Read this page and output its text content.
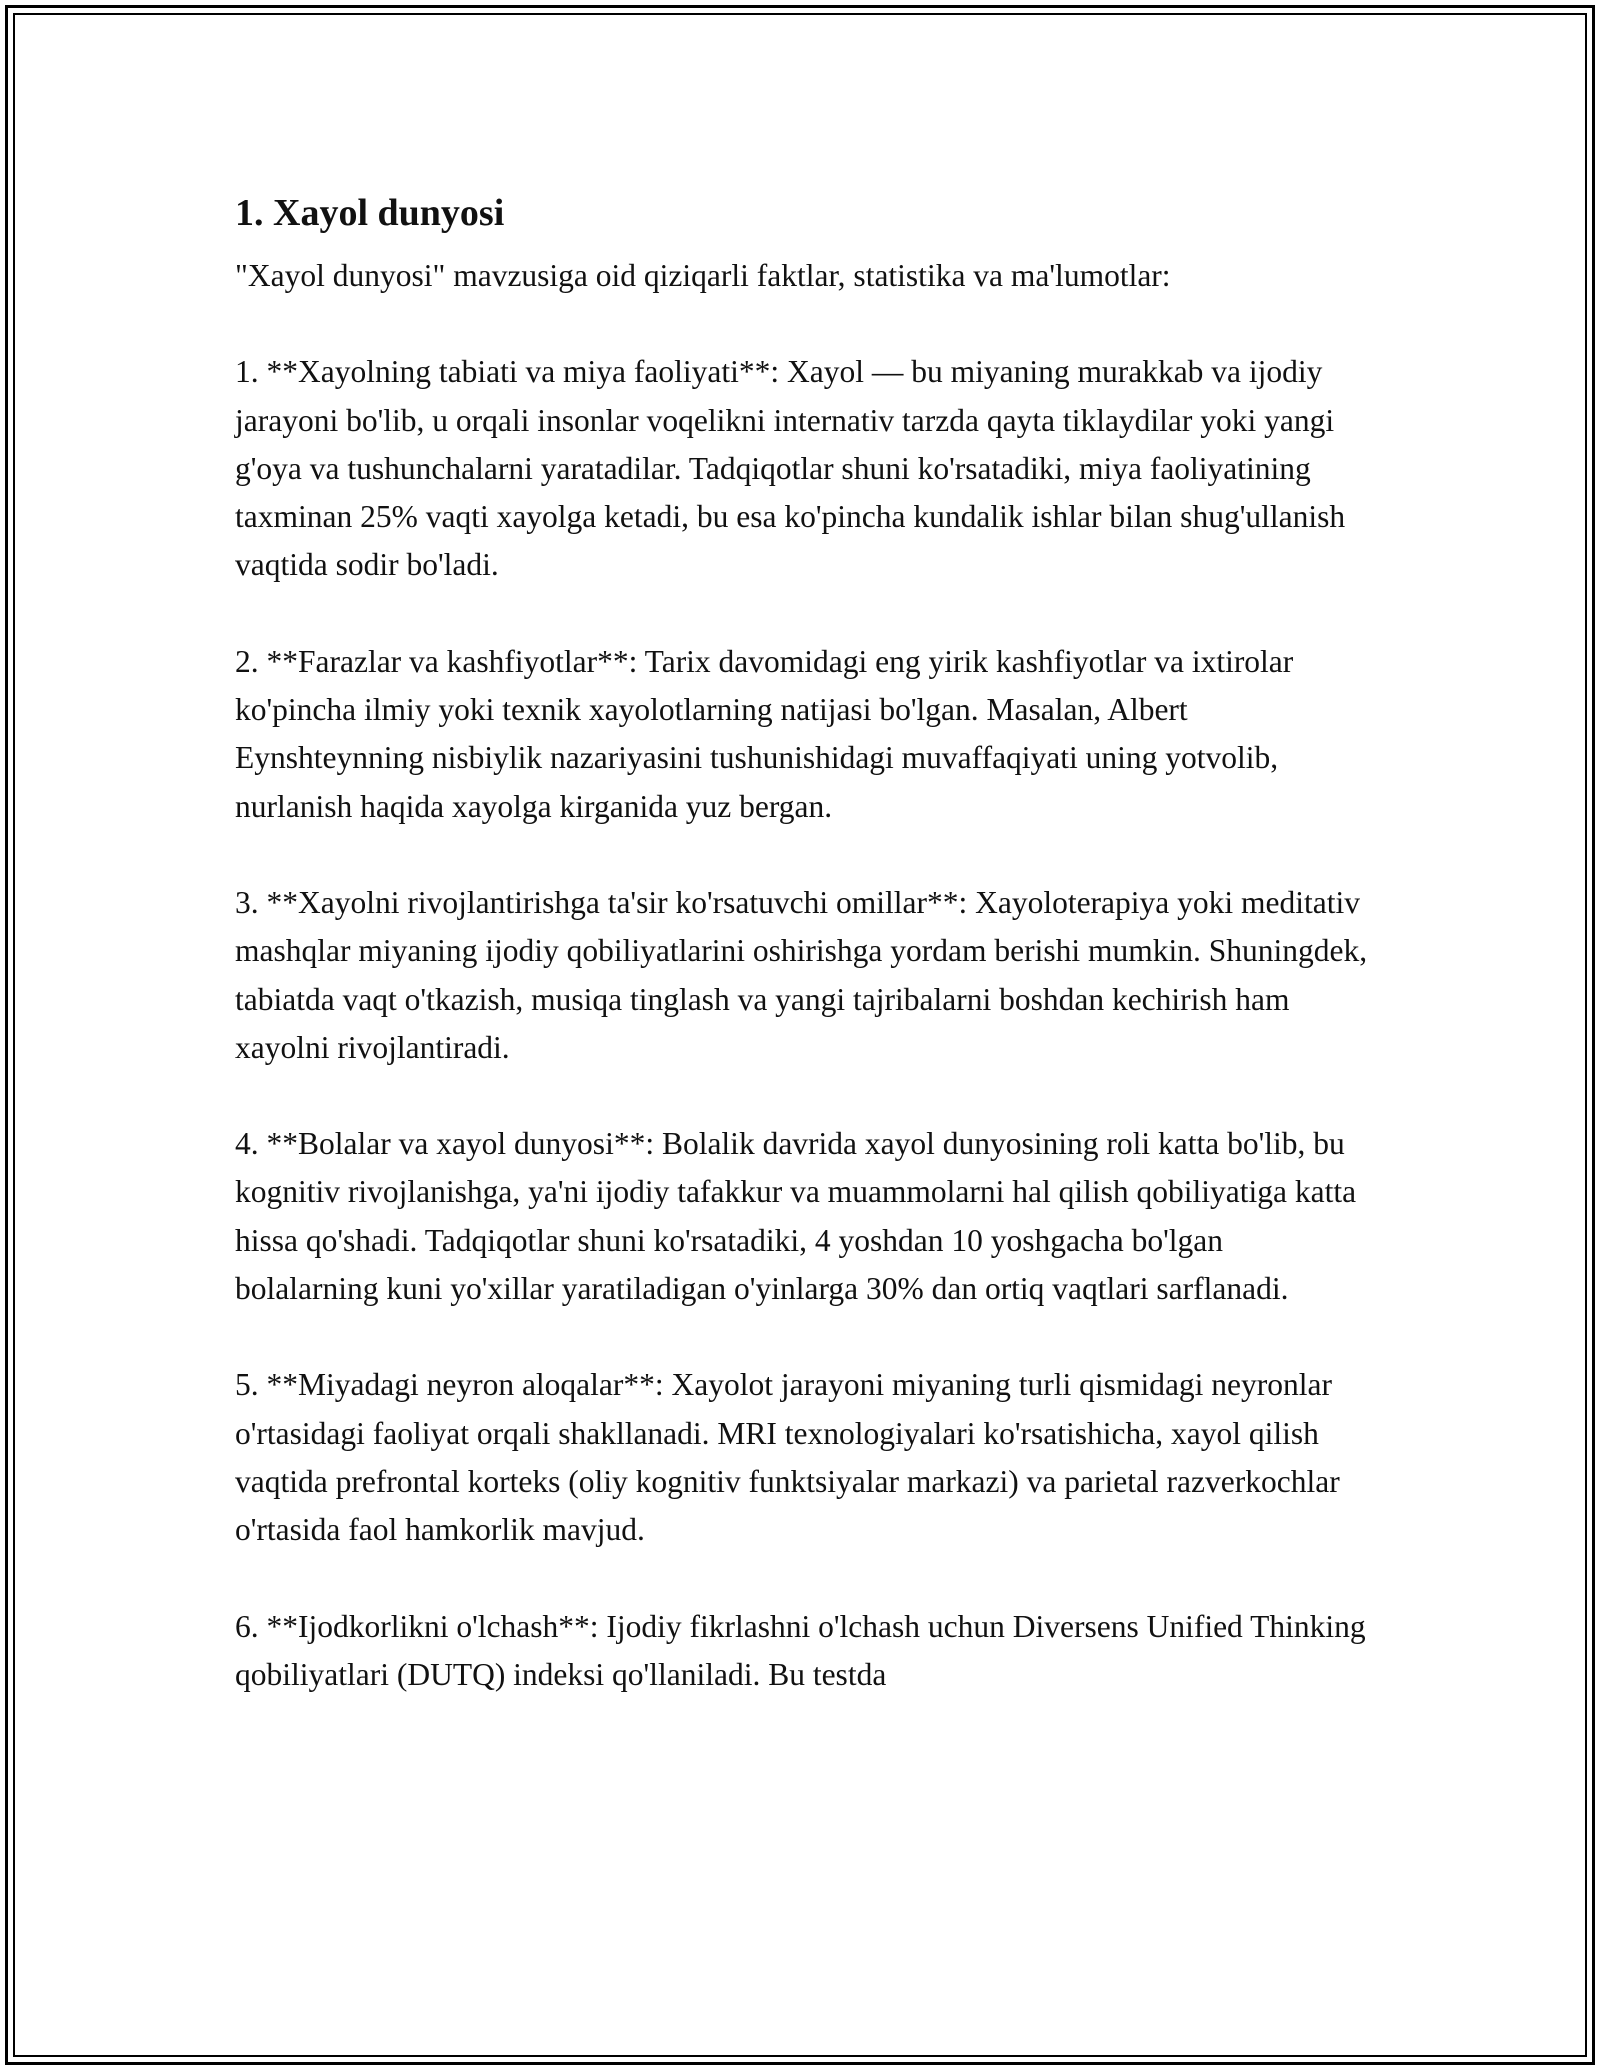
1. Xayol dunyosi

"Xayol dunyosi" mavzusiga oid qiziqarli faktlar, statistika va ma'lumotlar:

1. **Xayolning tabiati va miya faoliyati**: Xayol — bu miyaning murakkab va ijodiy jarayoni bo'lib, u orqali insonlar voqelikni internativ tarzda qayta tiklaydilar yoki yangi g'oya va tushunchalarni yaratadilar. Tadqiqotlar shuni ko'rsatadiki, miya faoliyatining taxminan 25% vaqti xayolga ketadi, bu esa ko'pincha kundalik ishlar bilan shug'ullanish vaqtida sodir bo'ladi.

2. **Farazlar va kashfiyotlar**: Tarix davomidagi eng yirik kashfiyotlar va ixtirolar ko'pincha ilmiy yoki texnik xayolotlarning natijasi bo'lgan. Masalan, Albert Eynshteynning nisbiylik nazariyasini tushunishidagi muvaffaqiyati uning yotvolib, nurlanish haqida xayolga kirganida yuz bergan.

3. **Xayolni rivojlantirishga ta'sir ko'rsatuvchi omillar**: Xayoloterapiya yoki meditativ mashqlar miyaning ijodiy qobiliyatlarini oshirishga yordam berishi mumkin. Shuningdek, tabiatda vaqt o'tkazish, musiqa tinglash va yangi tajribalarni boshdan kechirish ham xayolni rivojlantiradi.

4. **Bolalar va xayol dunyosi**: Bolalik davrida xayol dunyosining roli katta bo'lib, bu kognitiv rivojlanishga, ya'ni ijodiy tafakkur va muammolarni hal qilish qobiliyatiga katta hissa qo'shadi. Tadqiqotlar shuni ko'rsatadiki, 4 yoshdan 10 yoshgacha bo'lgan bolalarning kuni yo'xillar yaratiladigan o'yinlarga 30% dan ortiq vaqtlari sarflanadi.

5. **Miyadagi neyron aloqalar**: Xayolot jarayoni miyaning turli qismidagi neyronlar o'rtasidagi faoliyat orqali shakllanadi. MRI texnologiyalari ko'rsatishicha, xayol qilish vaqtida prefrontal korteks (oliy kognitiv funktsiyalar markazi) va parietal razverkochlar o'rtasida faol hamkorlik mavjud.

6. **Ijodkorlikni o'lchash**: Ijodiy fikrlashni o'lchash uchun Diversens Unified Thinking qobiliyatlari (DUTQ) indeksi qo'llaniladi. Bu testda
